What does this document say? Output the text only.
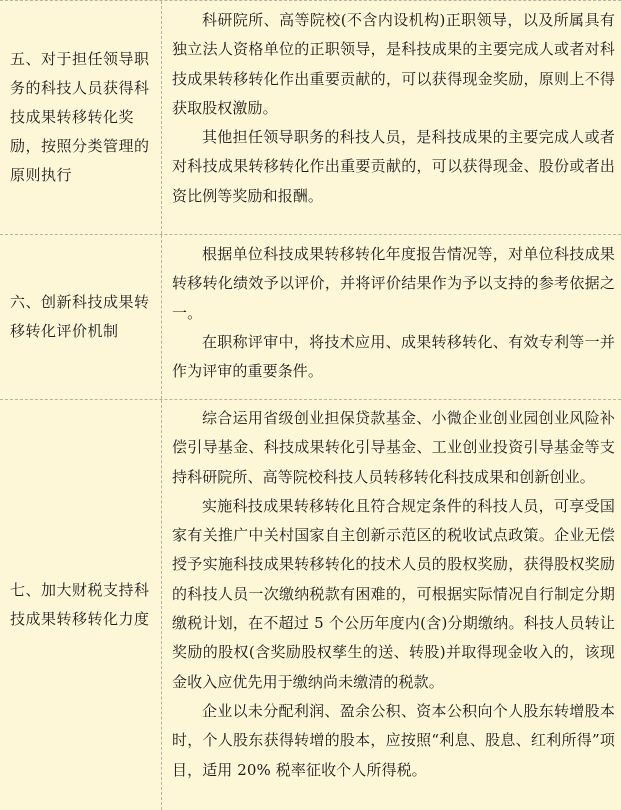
五、对于担任领导职务的科技人员获得科技成果转移转化奖励，按照分类管理的原则执行

科研院所、高等院校(不含内设机构)正职领导，以及所属具有独立法人资格单位的正职领导，是科技成果的主要完成人或者对科技成果转移转化作出重要贡献的，可以获得现金奖励，原则上不得获取股权激励。

其他担任领导职务的科技人员，是科技成果的主要完成人或者对科技成果转移转化作出重要贡献的，可以获得现金、股份或者出资比例等奖励和报酬。

六、创新科技成果转移转化评价机制

根据单位科技成果转移转化年度报告情况等，对单位科技成果转移转化绩效予以评价，并将评价结果作为予以支持的参考依据之一。

在职称评审中，将技术应用、成果转移转化、有效专利等一并作为评审的重要条件。

七、加大财税支持科技成果转移转化力度

综合运用省级创业担保贷款基金、小微企业创业园创业风险补偿引导基金、科技成果转化引导基金、工业创业投资引导基金等支持科研院所、高等院校科技人员转移转化科技成果和创新创业。

实施科技成果转移转化且符合规定条件的科技人员，可享受国家有关推广中关村国家自主创新示范区的税收试点政策。企业无偿授予实施科技成果转移转化的技术人员的股权奖励，获得股权奖励的科技人员一次缴纳税款有困难的，可根据实际情况自行制定分期缴税计划，在不超过 5 个公历年度内(含)分期缴纳。科技人员转让奖励的股权(含奖励股权孳生的送、转股)并取得现金收入的，该现金收入应优先用于缴纳尚未缴清的税款。

企业以未分配利润、盈余公积、资本公积向个人股东转增股本时，个人股东获得转增的股本，应按照“利息、股息、红利所得”项目，适用 20% 税率征收个人所得税。
